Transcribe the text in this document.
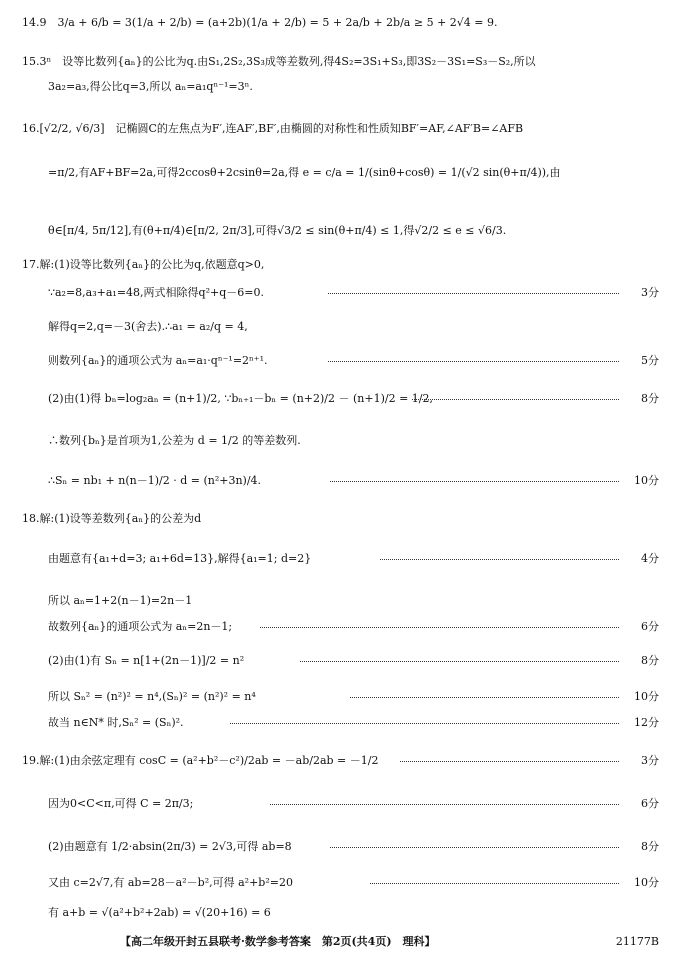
14.9　3/a + 6/b = 3(1/a + 2/b) = (a+2b)(1/a + 2/b) = 5 + 2a/b + 2b/a ≥ 5 + 2√4 = 9.
15.3ⁿ　设等比数列{aₙ}的公比为q.由S₁,2S₂,3S₃成等差数列,得4S₂=3S₁+S₃,即3S₂－3S₁=S₃－S₂,所以
3a₂=a₃,得公比q=3,所以 aₙ=a₁qⁿ⁻¹=3ⁿ.
16.[√2/2, √6/3]　记椭圆C的左焦点为F′,连AF′,BF′,由椭圆的对称性和性质知BF′=AF,∠AF′B=∠AFB
=π/2,有AF+BF=2a,可得2ccosθ+2csinθ=2a,得 e = c/a = 1/(sinθ+cosθ) = 1/(√2 sin(θ+π/4)),由
θ∈[π/4, 5π/12],有(θ+π/4)∈[π/2, 2π/3],可得√3/2 ≤ sin(θ+π/4) ≤ 1,得√2/2 ≤ e ≤ √6/3.
17.解:(1)设等比数列{aₙ}的公比为q,依题意q>0,
∵a₂=8,a₃+a₁=48,两式相除得q²+q－6=0.	3分
解得q=2,q=－3(舍去).∴a₁ = a₂/q = 4,
则数列{aₙ}的通项公式为 aₙ=a₁·qⁿ⁻¹=2ⁿ⁺¹.	5分
(2)由(1)得 bₙ=log₂aₙ = (n+1)/2, ∵bₙ₊₁－bₙ = (n+2)/2 － (n+1)/2 = 1/2,	8分
∴数列{bₙ}是首项为1,公差为 d = 1/2 的等差数列.
∴Sₙ = nb₁ + n(n－1)/2 · d = (n²+3n)/4.	10分
18.解:(1)设等差数列{aₙ}的公差为d
由题意有{a₁+d=3; a₁+6d=13},解得{a₁=1; d=2}	4分
所以 aₙ=1+2(n－1)=2n－1
故数列{aₙ}的通项公式为 aₙ=2n－1;	6分
(2)由(1)有 Sₙ = n[1+(2n－1)]/2 = n²	8分
所以 Sₙ² = (n²)² = n⁴,(Sₙ)² = (n²)² = n⁴	10分
故当 n∈N* 时,Sₙ² = (Sₙ)².	12分
19.解:(1)由余弦定理有 cosC = (a²+b²－c²)/2ab = －ab/2ab = －1/2	3分
因为0<C<π,可得 C = 2π/3;	6分
(2)由题意有 1/2·absin(2π/3) = 2√3,可得 ab=8	8分
又由 c=2√7,有 ab=28－a²－b²,可得 a²+b²=20	10分
有 a+b = √(a²+b²+2ab) = √(20+16) = 6
【高二年级开封五县联考·数学参考答案　第2页(共4页)　理科】	21177B
